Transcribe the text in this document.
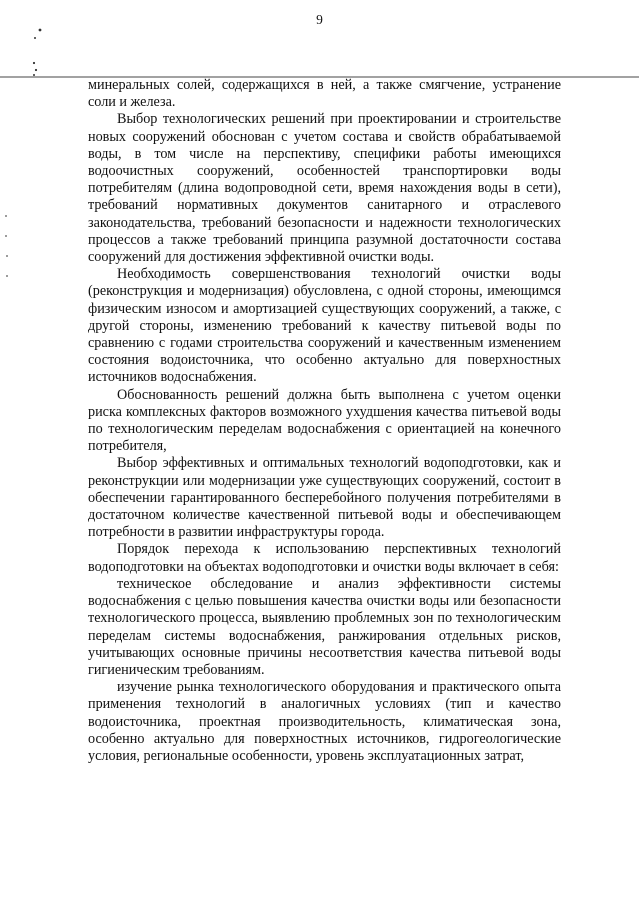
9

минеральных солей, содержащихся в ней, а также смягчение, устранение соли и железа.

Выбор технологических решений при проектировании и строительстве новых сооружений обоснован с учетом состава и свойств обрабатываемой воды, в том числе на перспективу, специфики работы имеющихся водоочистных сооружений, особенностей транспортировки воды потребителям (длина водопроводной сети, время нахождения воды в сети), требований нормативных документов санитарного и отраслевого законодательства, требований безопасности и надежности технологических процессов а также требований принципа разумной достаточности состава сооружений для достижения эффективной очистки воды.

Необходимость совершенствования технологий очистки воды (реконструкция и модернизация) обусловлена, с одной стороны, имеющимся физическим износом и амортизацией существующих сооружений, а также, с другой стороны, изменению требований к качеству питьевой воды по сравнению с годами строительства сооружений и качественным изменением состояния водоисточника, что особенно актуально для поверхностных источников водоснабжения.

Обоснованность решений должна быть выполнена с учетом оценки риска комплексных факторов возможного ухудшения качества питьевой воды по технологическим переделам водоснабжения с ориентацией на конечного потребителя,

Выбор эффективных и оптимальных технологий водоподготовки, как и реконструкции или модернизации уже существующих сооружений, состоит в обеспечении гарантированного бесперебойного получения потребителями в достаточном количестве качественной питьевой воды и обеспечивающем потребности в развитии инфраструктуры города.

Порядок перехода к использованию перспективных технологий водоподготовки на объектах водоподготовки и очистки воды включает в себя:

техническое обследование и анализ эффективности системы водоснабжения с целью повышения качества очистки воды или безопасности технологического процесса, выявлению проблемных зон по технологическим переделам системы водоснабжения, ранжирования отдельных рисков, учитывающих основные причины несоответствия качества питьевой воды гигиеническим требованиям.

изучение рынка технологического оборудования и практического опыта применения технологий в аналогичных условиях (тип и качество водоисточника, проектная производительность, климатическая зона, особенно актуально для поверхностных источников, гидрогеологические условия, региональные особенности, уровень эксплуатационных затрат,
